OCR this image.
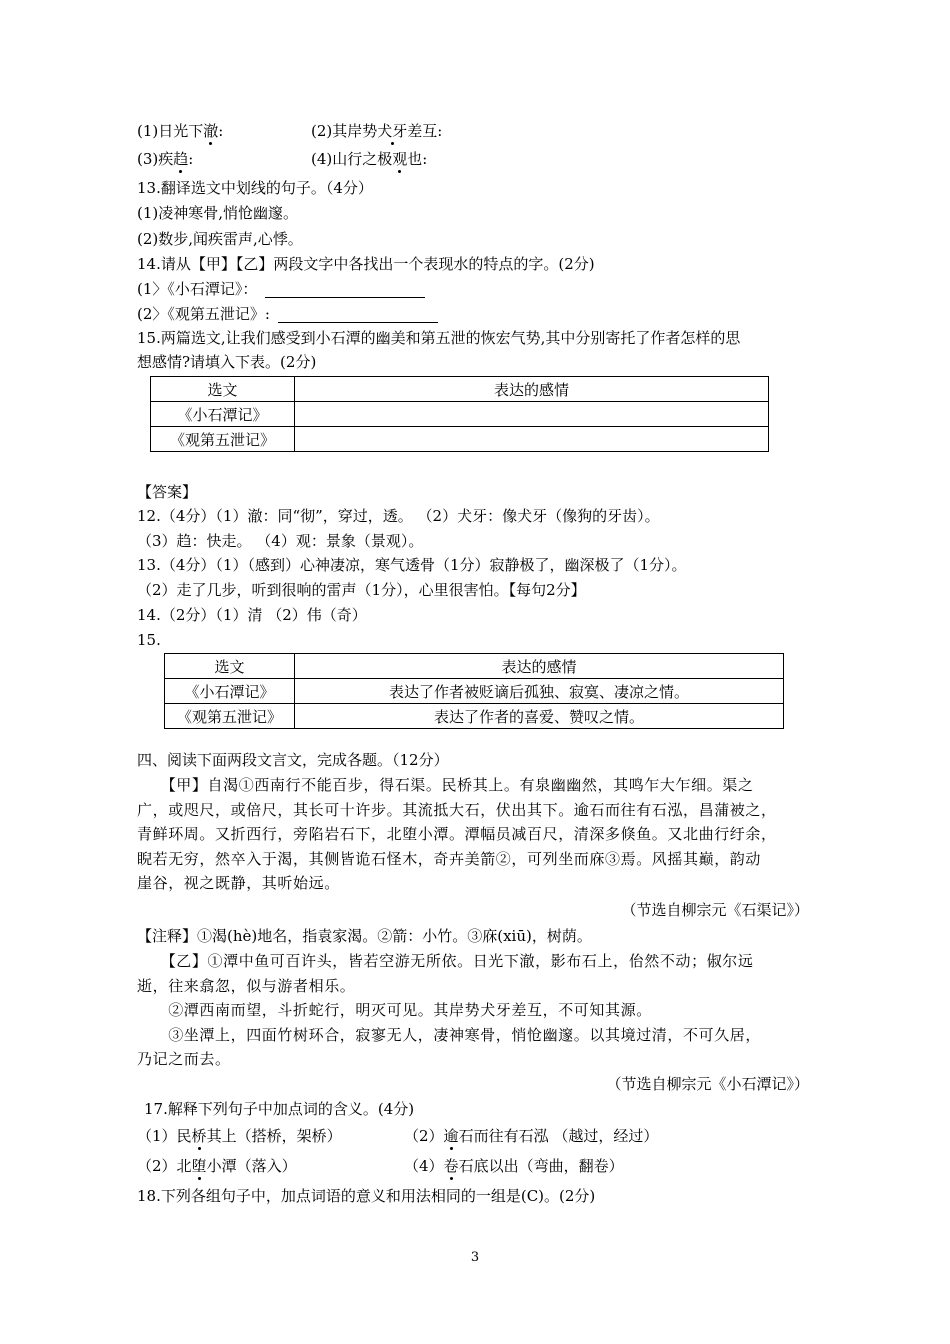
(1)日光下澈:	(2)其岸势犬牙差互:
(3)疾趋:	(4)山行之极观也:
13.翻译选文中划线的句子。（4分）
(1)凌神寒骨,悄怆幽邃。
(2)数步,闻疾雷声,心悸。
14.请从【甲】【乙】两段文字中各找出一个表现水的特点的字。(2分)
(1〉《小石潭记》：
(2〉《观第五泄记》:
15.两篇选文,让我们感受到小石潭的幽美和第五泄的恢宏气势,其中分别寄托了作者怎样的思
想感情?请填入下表。(2分)
选文	表达的感情
《小石潭记》	
《观第五泄记》	
【答案】
12.（4分）（1）澈：同“彻”，穿过，透。 （2）犬牙：像犬牙（像狗的牙齿）。
（3）趋：快走。 （4）观：景象（景观）。
13.（4分）（1）（感到）心神凄凉，寒气透骨（1分）寂静极了，幽深极了（1分）。
（2）走了几步，听到很响的雷声（1分），心里很害怕。【每句2分】
14.（2分）（1）清 （2）伟（奇）
15.
选文	表达的感情
《小石潭记》	表达了作者被贬谪后孤独、寂寞、凄凉之情。
《观第五泄记》	表达了作者的喜爱、赞叹之情。
四、阅读下面两段文言文，完成各题。（12分）
　　【甲】自渴①西南行不能百步，得石渠。民桥其上。有泉幽幽然，其鸣乍大乍细。渠之
广，或咫尺，或倍尺，其长可十许步。其流抵大石，伏出其下。逾石而往有石泓，昌蒲被之，
青鲜环周。又折西行，旁陷岩石下，北堕小潭。潭幅员减百尺，清深多倏鱼。又北曲行纡余，
睨若无穷，然卒入于渴，其侧皆诡石怪木，奇卉美箭②，可列坐而庥③焉。风摇其巅，韵动
崖谷，视之既静，其听始远。
（节选自柳宗元《石渠记》）
【注释】①渴(hè)地名，指袁家渴。②箭：小竹。③庥(xiū)，树荫。
　　【乙】①潭中鱼可百许头，皆若空游无所依。日光下澈，影布石上，佁然不动；俶尔远
逝，往来翕忽，似与游者相乐。
　　②潭西南而望，斗折蛇行，明灭可见。其岸势犬牙差互，不可知其源。
　　③坐潭上，四面竹树环合，寂寥无人，凄神寒骨，悄怆幽邃。以其境过清，不可久居，
乃记之而去。
（节选自柳宗元《小石潭记》）
17.解释下列句子中加点词的含义。(4分)
（1）民桥其上（搭桥，架桥）	（2）逾石而往有石泓 （越过，经过）
（2）北堕小潭（落入）	（4）卷石底以出（弯曲，翻卷）
18.下列各组句子中，加点词语的意义和用法相同的一组是(C)。(2分)
3
